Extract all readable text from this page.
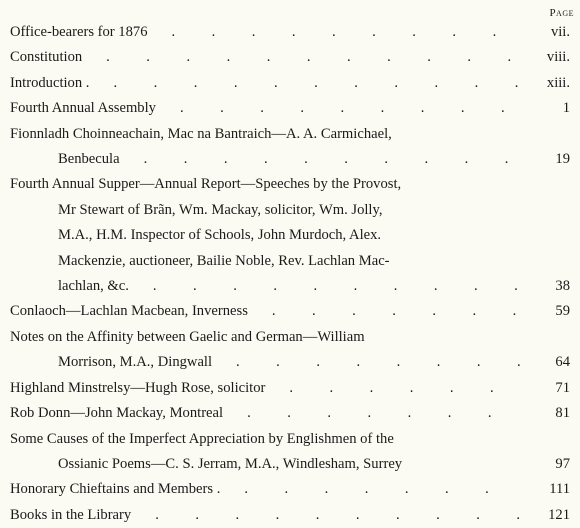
Page
Office-bearers for 1876 .	vii.
Constitution .	viii.
Introduction . .	xiii.
Fourth Annual Assembly .	1
Fionnladh Choinneachain, Mac na Bantraich—A. A. Carmichael,
Benbecula .	19
Fourth Annual Supper—Annual Report—Speeches by the Provost,
Mr Stewart of Brãn, Wm. Mackay, solicitor, Wm. Jolly,
M.A., H.M. Inspector of Schools, John Murdoch, Alex.
Mackenzie, auctioneer, Bailie Noble, Rev. Lachlan Mac-
lachlan, &c. .	38
Conlaoch—Lachlan Macbean, Inverness .	59
Notes on the Affinity between Gaelic and German—William
Morrison, M.A., Dingwall .	64
Highland Minstrelsy—Hugh Rose, solicitor .	71
Rob Donn—John Mackay, Montreal .	81
Some Causes of the Imperfect Appreciation by Englishmen of the
Ossianic Poems—C. S. Jerram, M.A., Windlesham, Surrey	97
Honorary Chieftains and Members . .	111
Books in the Library .	121
